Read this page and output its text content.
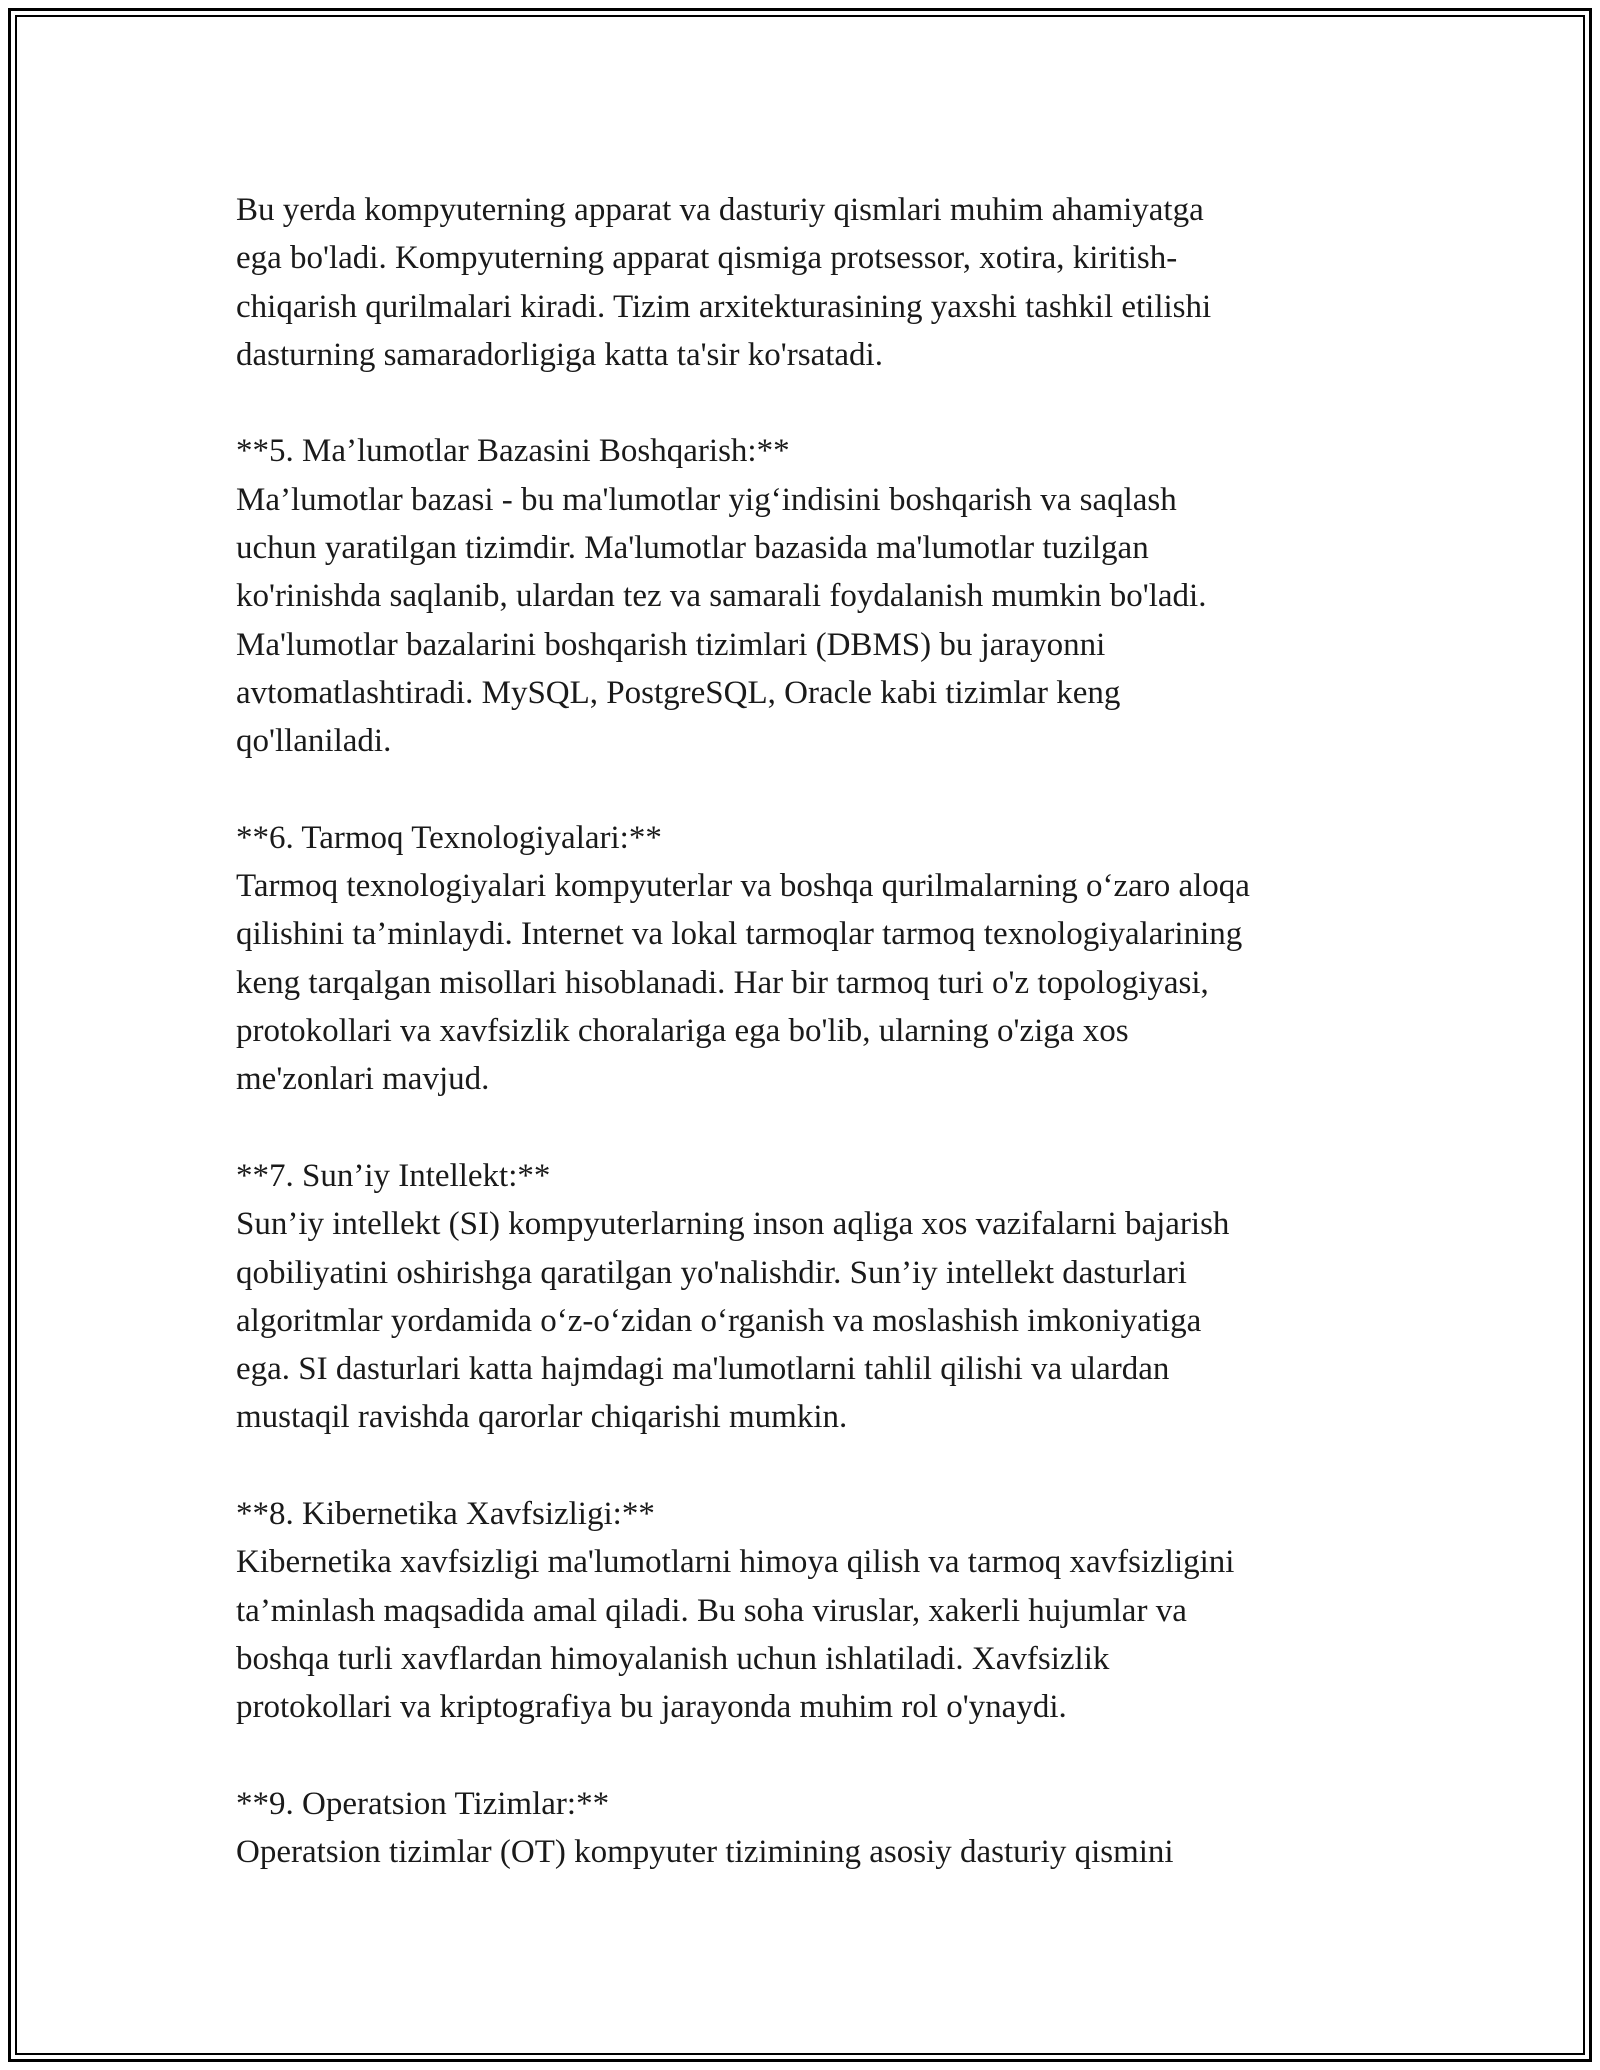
Bu yerda kompyuterning apparat va dasturiy qismlari muhim ahamiyatga
ega bo'ladi. Kompyuterning apparat qismiga protsessor, xotira, kiritish-
chiqarish qurilmalari kiradi. Tizim arxitekturasining yaxshi tashkil etilishi
dasturning samaradorligiga katta ta'sir ko'rsatadi.
**5. Ma’lumotlar Bazasini Boshqarish:**
Ma’lumotlar bazasi - bu ma'lumotlar yig‘indisini boshqarish va saqlash
uchun yaratilgan tizimdir. Ma'lumotlar bazasida ma'lumotlar tuzilgan
ko'rinishda saqlanib, ulardan tez va samarali foydalanish mumkin bo'ladi.
Ma'lumotlar bazalarini boshqarish tizimlari (DBMS) bu jarayonni
avtomatlashtiradi. MySQL, PostgreSQL, Oracle kabi tizimlar keng
qo'llaniladi.
**6. Tarmoq Texnologiyalari:**
Tarmoq texnologiyalari kompyuterlar va boshqa qurilmalarning o‘zaro aloqa
qilishini ta’minlaydi. Internet va lokal tarmoqlar tarmoq texnologiyalarining
keng tarqalgan misollari hisoblanadi. Har bir tarmoq turi o'z topologiyasi,
protokollari va xavfsizlik choralariga ega bo'lib, ularning o'ziga xos
me'zonlari mavjud.
**7. Sun’iy Intellekt:**
Sun’iy intellekt (SI) kompyuterlarning inson aqliga xos vazifalarni bajarish
qobiliyatini oshirishga qaratilgan yo'nalishdir. Sun’iy intellekt dasturlari
algoritmlar yordamida o‘z-o‘zidan o‘rganish va moslashish imkoniyatiga
ega. SI dasturlari katta hajmdagi ma'lumotlarni tahlil qilishi va ulardan
mustaqil ravishda qarorlar chiqarishi mumkin.
**8. Kibernetika Xavfsizligi:**
Kibernetika xavfsizligi ma'lumotlarni himoya qilish va tarmoq xavfsizligini
ta’minlash maqsadida amal qiladi. Bu soha viruslar, xakerli hujumlar va
boshqa turli xavflardan himoyalanish uchun ishlatiladi. Xavfsizlik
protokollari va kriptografiya bu jarayonda muhim rol o'ynaydi.
**9. Operatsion Tizimlar:**
Operatsion tizimlar (OT) kompyuter tizimining asosiy dasturiy qismini
